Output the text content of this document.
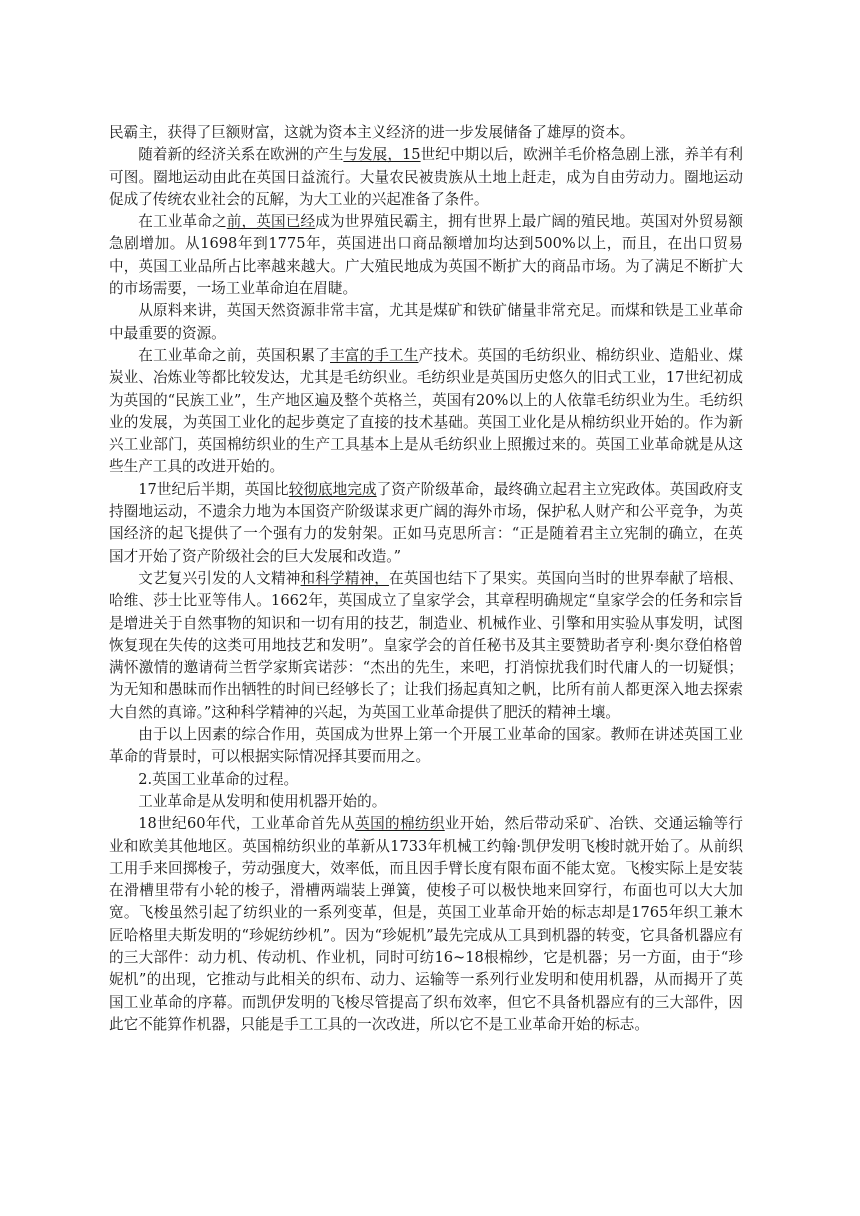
民霸主，获得了巨额财富，这就为资本主义经济的进一步发展储备了雄厚的资本。

随着新的经济关系在欧洲的产生与发展，15世纪中期以后，欧洲羊毛价格急剧上涨，养羊有利可图。圈地运动由此在英国日益流行。大量农民被贵族从土地上赶走，成为自由劳动力。圈地运动促成了传统农业社会的瓦解，为大工业的兴起准备了条件。

在工业革命之前，英国已经成为世界殖民霸主，拥有世界上最广阔的殖民地。英国对外贸易额急剧增加。从1698年到1775年，英国进出口商品额增加均达到500%以上，而且，在出口贸易中，英国工业品所占比率越来越大。广大殖民地成为英国不断扩大的商品市场。为了满足不断扩大的市场需要，一场工业革命迫在眉睫。

从原料来讲，英国天然资源非常丰富，尤其是煤矿和铁矿储量非常充足。而煤和铁是工业革命中最重要的资源。

在工业革命之前，英国积累了丰富的手工生产技术。英国的毛纺织业、棉纺织业、造船业、煤炭业、冶炼业等都比较发达，尤其是毛纺织业。毛纺织业是英国历史悠久的旧式工业，17世纪初成为英国的“民族工业”，生产地区遍及整个英格兰，英国有20%以上的人依靠毛纺织业为生。毛纺织业的发展，为英国工业化的起步奠定了直接的技术基础。英国工业化是从棉纺织业开始的。作为新兴工业部门，英国棉纺织业的生产工具基本上是从毛纺织业上照搬过来的。英国工业革命就是从这些生产工具的改进开始的。

17世纪后半期，英国比较彻底地完成了资产阶级革命，最终确立起君主立宪政体。英国政府支持圈地运动，不遗余力地为本国资产阶级谋求更广阔的海外市场，保护私人财产和公平竞争，为英国经济的起飞提供了一个强有力的发射架。正如马克思所言：“正是随着君主立宪制的确立，在英国才开始了资产阶级社会的巨大发展和改造。”

文艺复兴引发的人文精神和科学精神，在英国也结下了果实。英国向当时的世界奉献了培根、哈维、莎士比亚等伟人。1662年，英国成立了皇家学会，其章程明确规定“皇家学会的任务和宗旨是增进关于自然事物的知识和一切有用的技艺，制造业、机械作业、引擎和用实验从事发明，试图恢复现在失传的这类可用地技艺和发明”。皇家学会的首任秘书及其主要赞助者亨利·奥尔登伯格曾满怀激情的邀请荷兰哲学家斯宾诺莎：“杰出的先生，来吧，打消惊扰我们时代庸人的一切疑惧；为无知和愚昧而作出牺牲的时间已经够长了；让我们扬起真知之帆，比所有前人都更深入地去探索大自然的真谛。”这种科学精神的兴起，为英国工业革命提供了肥沃的精神土壤。

由于以上因素的综合作用，英国成为世界上第一个开展工业革命的国家。教师在讲述英国工业革命的背景时，可以根据实际情况择其要而用之。

2.英国工业革命的过程。

工业革命是从发明和使用机器开始的。

18世纪60年代，工业革命首先从英国的棉纺织业开始，然后带动采矿、冶铁、交通运输等行业和欧美其他地区。英国棉纺织业的革新从1733年机械工约翰·凯伊发明飞梭时就开始了。从前织工用手来回掷梭子，劳动强度大，效率低，而且因手臂长度有限布面不能太宽。飞梭实际上是安装在滑槽里带有小轮的梭子，滑槽两端装上弹簧，使梭子可以极快地来回穿行，布面也可以大大加宽。飞梭虽然引起了纺织业的一系列变革，但是，英国工业革命开始的标志却是1765年织工兼木匠哈格里夫斯发明的“珍妮纺纱机”。因为“珍妮机”最先完成从工具到机器的转变，它具备机器应有的三大部件：动力机、传动机、作业机，同时可纺16~18根棉纱，它是机器；另一方面，由于“珍妮机”的出现，它推动与此相关的织布、动力、运输等一系列行业发明和使用机器，从而揭开了英国工业革命的序幕。而凯伊发明的飞梭尽管提高了织布效率，但它不具备机器应有的三大部件，因此它不能算作机器，只能是手工工具的一次改进，所以它不是工业革命开始的标志。
